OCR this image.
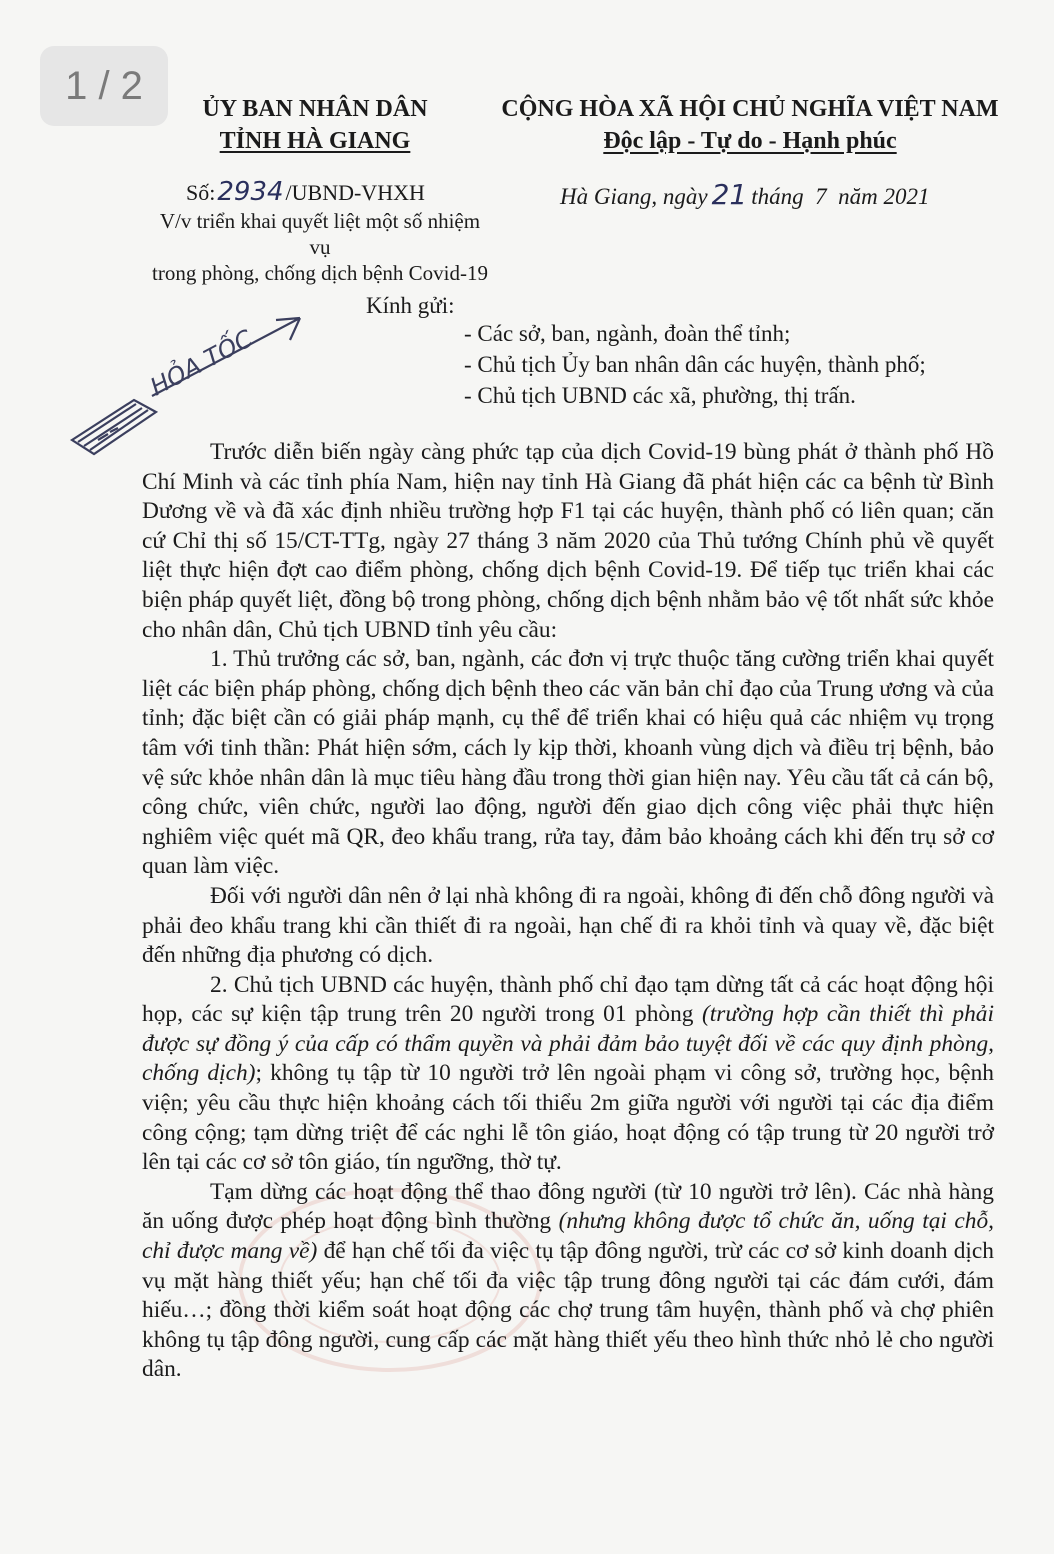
1 / 2
ỦY BAN NHÂN DÂN
TỈNH HÀ GIANG
CỘNG HÒA XÃ HỘI CHỦ NGHĨA VIỆT NAM
Độc lập - Tự do - Hạnh phúc
Số:2934/UBND-VHXH
V/v triển khai quyết liệt một số nhiệm vụ
trong phòng, chống dịch bệnh Covid-19
Hà Giang, ngày 21 tháng  7  năm 2021
HỎA TỐC
Kính gửi:
- Các sở, ban, ngành, đoàn thể tỉnh;
- Chủ tịch Ủy ban nhân dân các huyện, thành phố;
- Chủ tịch UBND các xã, phường, thị trấn.

Trước diễn biến ngày càng phức tạp của dịch Covid-19 bùng phát ở thành phố Hồ Chí Minh và các tỉnh phía Nam, hiện nay tỉnh Hà Giang đã phát hiện các ca bệnh từ Bình Dương về và đã xác định nhiều trường hợp F1 tại các huyện, thành phố có liên quan; căn cứ Chỉ thị số 15/CT-TTg, ngày 27 tháng 3 năm 2020 của Thủ tướng Chính phủ về quyết liệt thực hiện đợt cao điểm phòng, chống dịch bệnh Covid-19. Để tiếp tục triển khai các biện pháp quyết liệt, đồng bộ trong phòng, chống dịch bệnh nhằm bảo vệ tốt nhất sức khỏe cho nhân dân, Chủ tịch UBND tỉnh yêu cầu:

1. Thủ trưởng các sở, ban, ngành, các đơn vị trực thuộc tăng cường triển khai quyết liệt các biện pháp phòng, chống dịch bệnh theo các văn bản chỉ đạo của Trung ương và của tỉnh; đặc biệt cần có giải pháp mạnh, cụ thể để triển khai có hiệu quả các nhiệm vụ trọng tâm với tinh thần: Phát hiện sớm, cách ly kịp thời, khoanh vùng dịch và điều trị bệnh, bảo vệ sức khỏe nhân dân là mục tiêu hàng đầu trong thời gian hiện nay. Yêu cầu tất cả cán bộ, công chức, viên chức, người lao động, người đến giao dịch công việc phải thực hiện nghiêm việc quét mã QR, đeo khẩu trang, rửa tay, đảm bảo khoảng cách khi đến trụ sở cơ quan làm việc.

Đối với người dân nên ở lại nhà không đi ra ngoài, không đi đến chỗ đông người và phải đeo khẩu trang khi cần thiết đi ra ngoài, hạn chế đi ra khỏi tỉnh và quay về, đặc biệt đến những địa phương có dịch.

2. Chủ tịch UBND các huyện, thành phố chỉ đạo tạm dừng tất cả các hoạt động hội họp, các sự kiện tập trung trên 20 người trong 01 phòng (trường hợp cần thiết thì phải được sự đồng ý của cấp có thẩm quyền và phải đảm bảo tuyệt đối về các quy định phòng, chống dịch); không tụ tập từ 10 người trở lên ngoài phạm vi công sở, trường học, bệnh viện; yêu cầu thực hiện khoảng cách tối thiểu 2m giữa người với người tại các địa điểm công cộng; tạm dừng triệt để các nghi lễ tôn giáo, hoạt động có tập trung từ 20 người trở lên tại các cơ sở tôn giáo, tín ngưỡng, thờ tự.

Tạm dừng các hoạt động thể thao đông người (từ 10 người trở lên). Các nhà hàng ăn uống được phép hoạt động bình thường (nhưng không được tổ chức ăn, uống tại chỗ, chỉ được mang về) để hạn chế tối đa việc tụ tập đông người, trừ các cơ sở kinh doanh dịch vụ mặt hàng thiết yếu; hạn chế tối đa việc tập trung đông người tại các đám cưới, đám hiếu…; đồng thời kiểm soát hoạt động các chợ trung tâm huyện, thành phố và chợ phiên không tụ tập đông người, cung cấp các mặt hàng thiết yếu theo hình thức nhỏ lẻ cho người dân.
